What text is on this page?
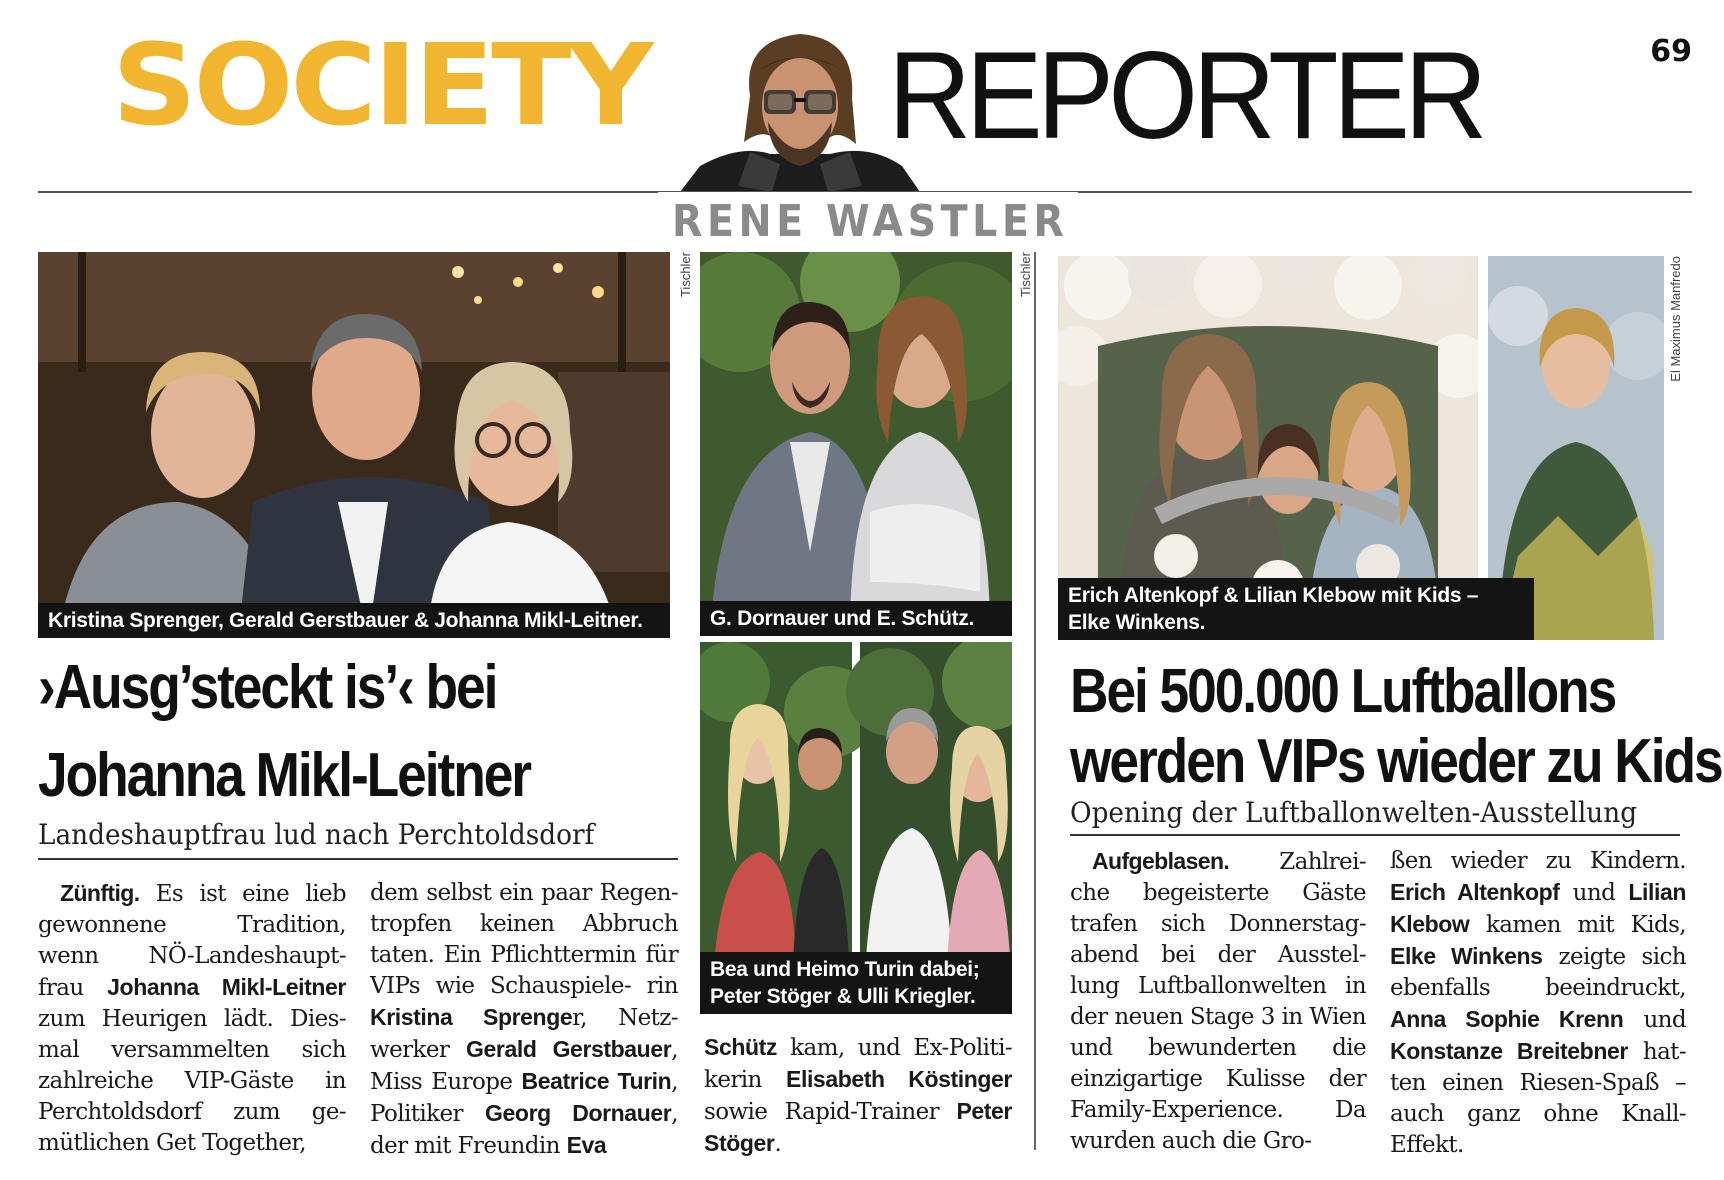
SOCIETY REPORTER	69
RENE WASTLER
Kristina Sprenger, Gerald Gerstbauer & Johanna Mikl-Leitner.
Tischler
›Ausg’steckt is’‹ bei
Johanna Mikl-Leitner
Landeshauptfrau lud nach Perchtoldsdorf
Zünftig. Es ist eine lieb gewonnene Tradition, wenn NÖ-Landeshaupt- frau Johanna Mikl-Leitner zum Heurigen lädt. Dies- mal versammelten sich zahlreiche VIP-Gäste in Perchtoldsdorf zum ge- mütlichen Get Together,
dem selbst ein paar Regen- tropfen keinen Abbruch taten. Ein Pflichttermin für VIPs wie Schauspiele- rin Kristina Sprenger, Netz- werker Gerald Gerstbauer, Miss Europe Beatrice Turin, Politiker Georg Dornauer, der mit Freundin Eva
G. Dornauer und E. Schütz.
Tischler
Bea und Heimo Turin dabei;
Peter Stöger & Ulli Kriegler.
Schütz kam, und Ex-Politi- kerin Elisabeth Köstinger sowie Rapid-Trainer Peter Stöger.
Erich Altenkopf & Lilian Klebow mit Kids – Elke Winkens.
El Maximus Manfredo
Bei 500.000 Luftballons
werden VIPs wieder zu Kids
Opening der Luftballonwelten-Ausstellung
Aufgeblasen. Zahlrei- che begeisterte Gäste trafen sich Donnerstag- abend bei der Ausstel- lung Luftballonwelten in der neuen Stage 3 in Wien und bewunderten die einzigartige Kulisse der Family-Experience. Da wurden auch die Gro-
ßen wieder zu Kindern. Erich Altenkopf und Lilian Klebow kamen mit Kids, Elke Winkens zeigte sich ebenfalls beeindruckt, Anna Sophie Krenn und Konstanze Breitebner hat- ten einen Riesen-Spaß – auch ganz ohne Knall- Effekt.
